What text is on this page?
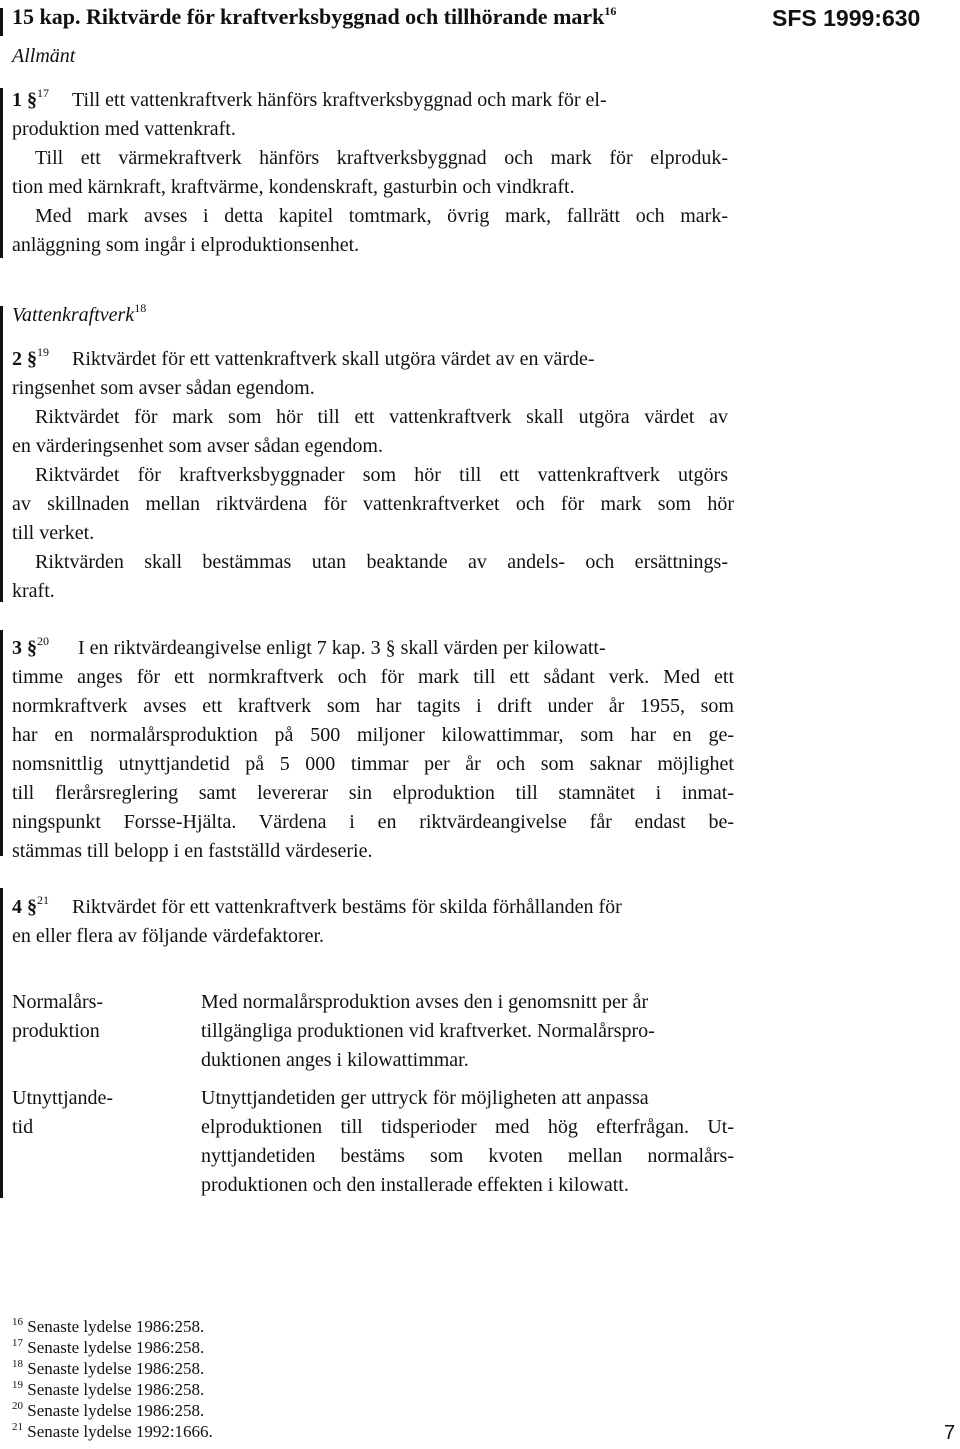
15 kap. Riktvärde för kraftverksbyggnad och tillhörande mark$^{16}$	SFS 1999:630
Allmänt
1 §$^{17}$ Till ett vattenkraftverk hänförs kraftverksbyggnad och mark för el-
produktion med vattenkraft.
Till ett värmekraftverk hänförs kraftverksbyggnad och mark för elproduk-
tion med kärnkraft, kraftvärme, kondenskraft, gasturbin och vindkraft.
Med mark avses i detta kapitel tomtmark, övrig mark, fallrätt och mark-
anläggning som ingår i elproduktionsenhet.
Vattenkraftverk$^{18}$
2 §$^{19}$ Riktvärdet för ett vattenkraftverk skall utgöra värdet av en värde-
ringsenhet som avser sådan egendom.
Riktvärdet för mark som hör till ett vattenkraftverk skall utgöra värdet av
en värderingsenhet som avser sådan egendom.
Riktvärdet för kraftverksbyggnader som hör till ett vattenkraftverk utgörs
av skillnaden mellan riktvärdena för vattenkraftverket och för mark som hör
till verket.
Riktvärden skall bestämmas utan beaktande av andels- och ersättnings-
kraft.
3 §$^{20}$ I en riktvärdeangivelse enligt 7 kap. 3 § skall värden per kilowatt-
timme anges för ett normkraftverk och för mark till ett sådant verk. Med ett
normkraftverk avses ett kraftverk som har tagits i drift under år 1955, som
har en normalårsproduktion på 500 miljoner kilowattimmar, som har en ge-
nomsnittlig utnyttjandetid på 5 000 timmar per år och som saknar möjlighet
till flerårsreglering samt levererar sin elproduktion till stamnätet i inmat-
ningspunkt Forsse-Hjälta. Värdena i en riktvärdeangivelse får endast be-
stämmas till belopp i en fastställd värdeserie.
4 §$^{21}$ Riktvärdet för ett vattenkraftverk bestäms för skilda förhållanden för
en eller flera av följande värdefaktorer.
Normalårs-
produktion
Med normalårsproduktion avses den i genomsnitt per år
tillgängliga produktionen vid kraftverket. Normalårspro-
duktionen anges i kilowattimmar.
Utnyttjande-
tid
Utnyttjandetiden ger uttryck för möjligheten att anpassa
elproduktionen till tidsperioder med hög efterfrågan. Ut-
nyttjandetiden bestäms som kvoten mellan normalårs-
produktionen och den installerade effekten i kilowatt.
$^{16}$ Senaste lydelse 1986:258.
$^{17}$ Senaste lydelse 1986:258.
$^{18}$ Senaste lydelse 1986:258.
$^{19}$ Senaste lydelse 1986:258.
$^{20}$ Senaste lydelse 1986:258.
$^{21}$ Senaste lydelse 1992:1666.	7
